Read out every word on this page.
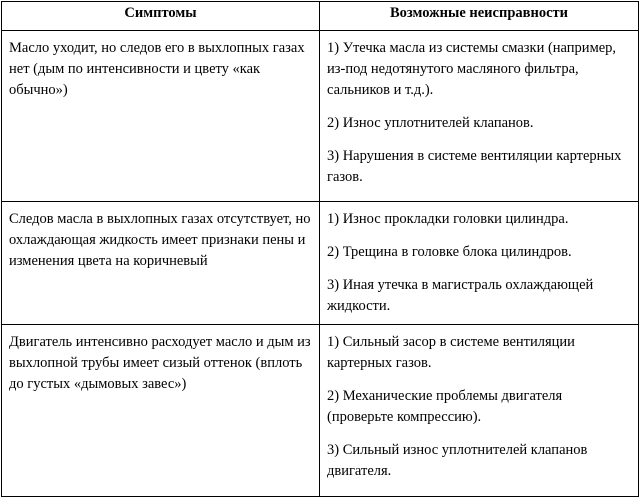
Симптомы	Возможные неисправности

Масло уходит, но следов его в выхлопных газах нет (дым по интенсивности и цвету «как обычно»)	1) Утечка масла из системы смазки (например, из-под недотянутого масляного фильтра, сальников и т.д.).

2) Износ уплотнителей клапанов.

3) Нарушения в системе вентиляции картерных газов.

Следов масла в выхлопных газах отсутствует, но охлаждающая жидкость имеет признаки пены и изменения цвета на коричневый	1) Износ прокладки головки цилиндра.

2) Трещина в головке блока цилиндров.

3) Иная утечка в магистраль охлаждающей жидкости.

Двигатель интенсивно расходует масло и дым из выхлопной трубы имеет сизый оттенок (вплоть до густых «дымовых завес»)	1) Сильный засор в системе вентиляции картерных газов.

2) Механические проблемы двигателя (проверьте компрессию).

3) Сильный износ уплотнителей клапанов двигателя.
